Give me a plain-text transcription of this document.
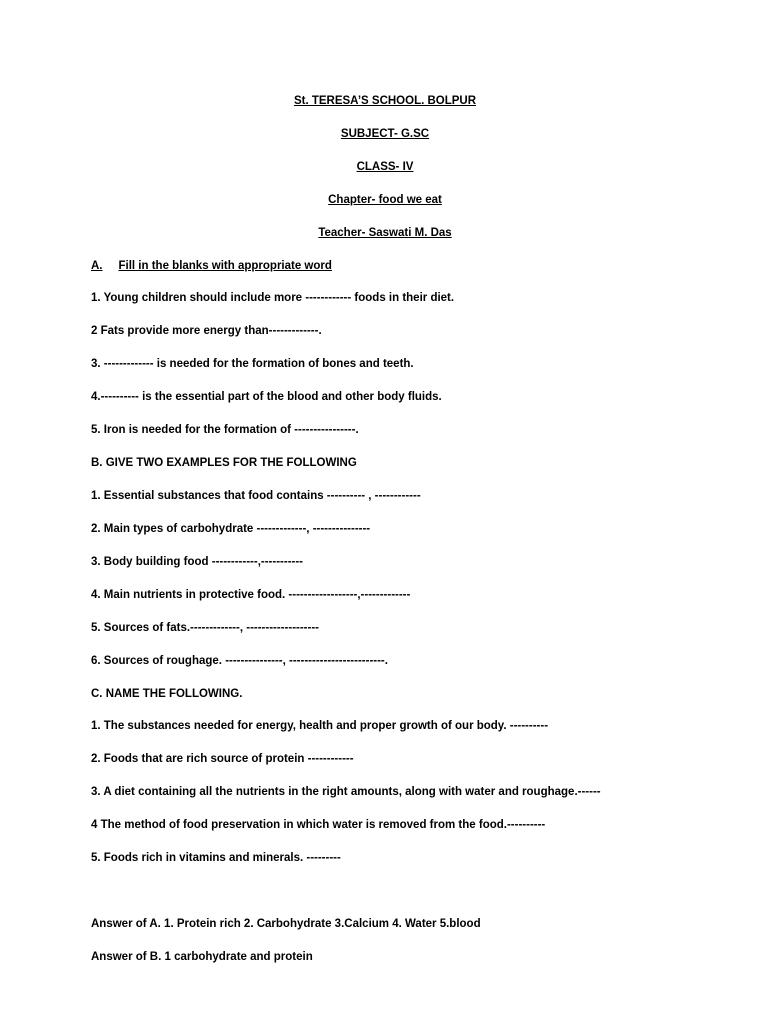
St. TERESA’S SCHOOL. BOLPUR
SUBJECT- G.SC
CLASS- IV
Chapter- food we eat
Teacher- Saswati M. Das
A. Fill in the blanks with appropriate word
1. Young children should include more ------------ foods in their diet.
2 Fats provide more energy than-------------.
3. ------------- is needed for the formation of bones and teeth.
4.---------- is the essential part of the blood and other body fluids.
5. Iron is needed for the formation of ----------------.
B. GIVE TWO EXAMPLES FOR THE FOLLOWING
1. Essential substances that food contains ---------- , ------------
2. Main types of carbohydrate -------------, ---------------
3. Body building food ------------,-----------
4. Main nutrients in protective food. ------------------,-------------
5. Sources of fats.-------------, -------------------
6. Sources of roughage. ---------------, -------------------------.
C. NAME THE FOLLOWING.
1. The substances needed for energy, health and proper growth of our body. ----------
2. Foods that are rich source of protein ------------
3. A diet containing all the nutrients in the right amounts, along with water and roughage.------
4 The method of food preservation in which water is removed from the food.----------
5. Foods rich in vitamins and minerals. ---------
Answer of A. 1. Protein rich 2. Carbohydrate 3.Calcium 4. Water 5.blood
Answer of B. 1 carbohydrate and protein
